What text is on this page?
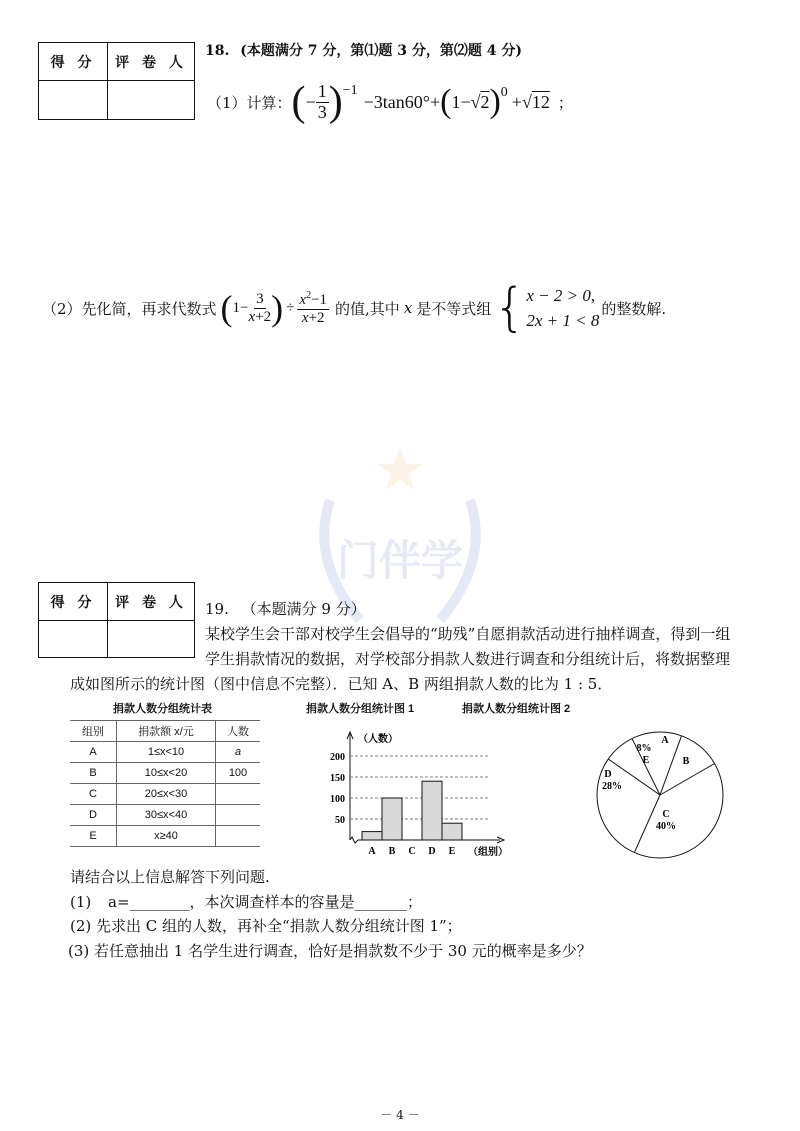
门伴学
得 分	评 卷 人

18. (本题满分 7 分，第⑴题 3 分，第⑵题 4 分)
（1）计算： ( − $\frac{1}{3} )^{-1}$
−3tan60°+ ( 1−√2 )$^0$ +√12 ；
（2）先化简，再求代数式 ( $1- \frac{3}{x+2}$ ) ÷ $\frac{x^2-1}{x+2}$ 的值,其中 x 是不等式组 { x − 2 > 0,
2x + 1 < 8
的整数解.
得 分	评 卷 人
	19. （本题满分 9 分）
某校学生会干部对校学生会倡导的“助残”自愿捐款活动进行抽样调查，得到一组
学生捐款情况的数据，对学校部分捐款人数进行调查和分组统计后，将数据整理
成如图所示的统计图（图中信息不完整）．已知 A、B 两组捐款人数的比为 1 : 5．
捐款人数分组统计表
组别	捐款额 x/元	人数
A	1≤x<10	a
B	10≤x<20	100
C	20≤x<30	
D	30≤x<40	
E	x≥40	
捐款人数分组统计图 1	捐款人数分组统计图 2
（人数）
50
100
150
200
A B C D E （组别）
A
B
C
40%
D
28%
8%
E
请结合以上信息解答下列问题.
(1) a=________，本次调查样本的容量是_______；
(2) 先求出 C 组的人数，再补全“捐款人数分组统计图 1”；
(3) 若任意抽出 1 名学生进行调查，恰好是捐款数不少于 30 元的概率是多少？
－ 4 －
